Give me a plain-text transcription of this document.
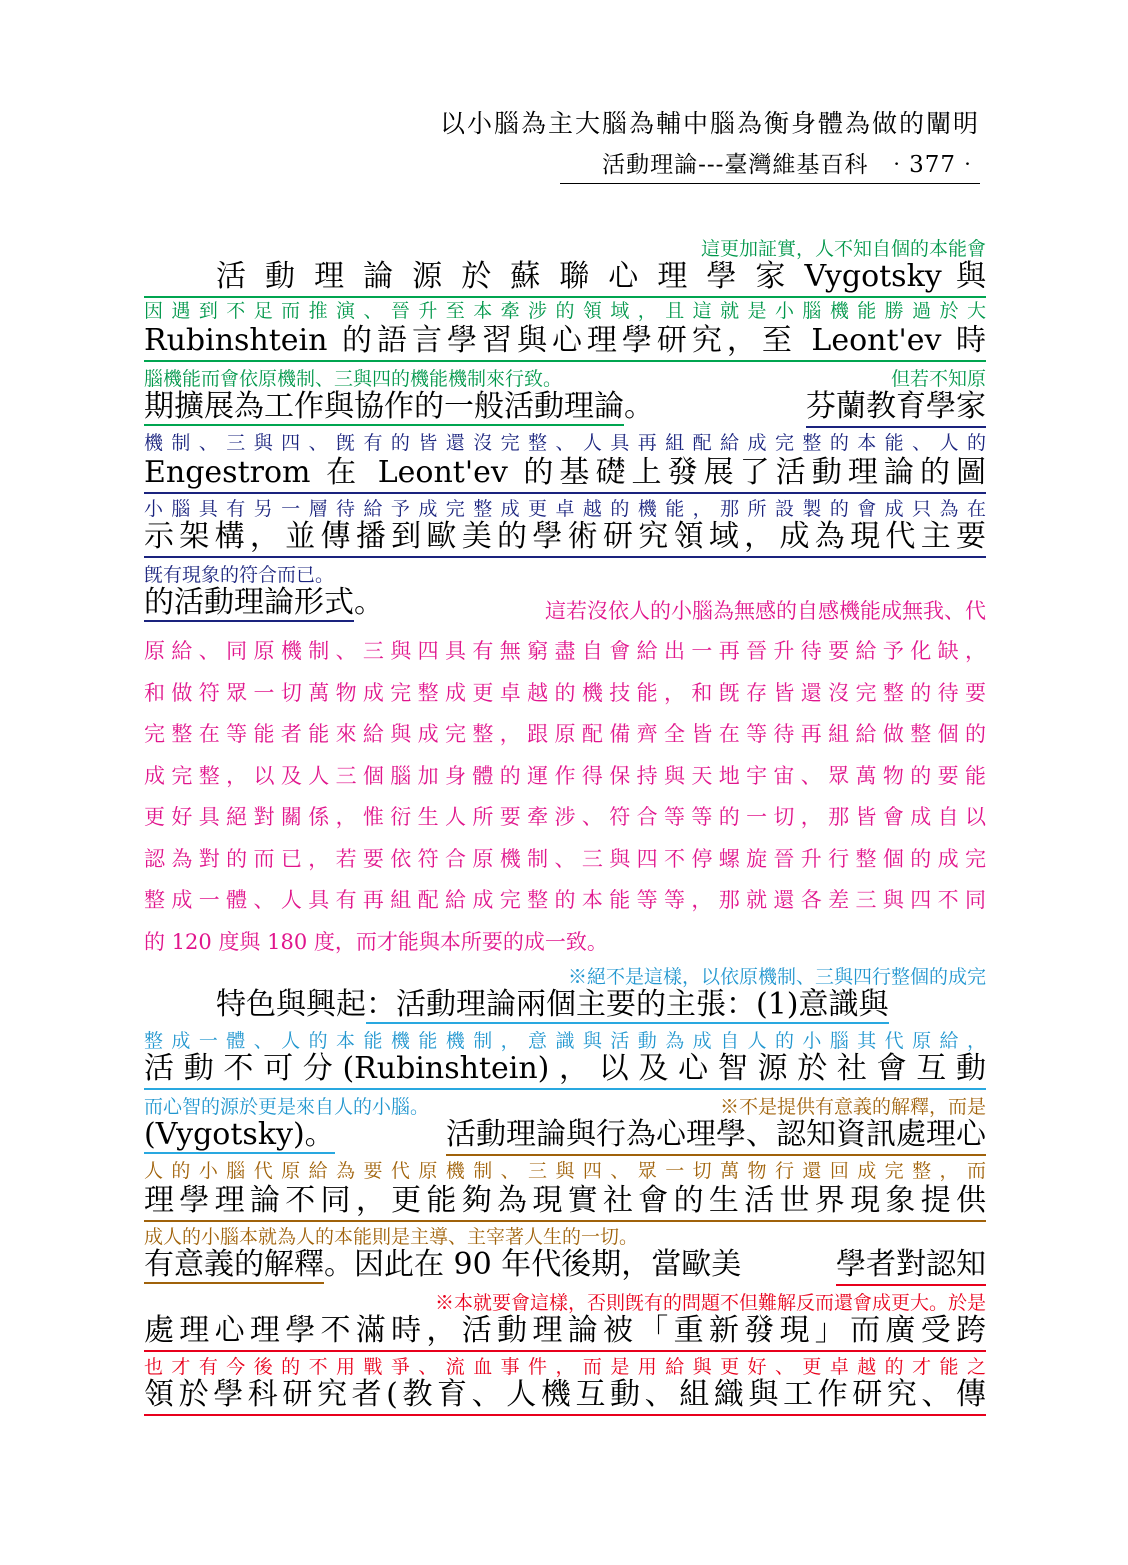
以小腦為主大腦為輔中腦為衡身體為做的闡明
活動理論---臺灣維基百科 ‧377‧
這更加証實，人不知自個的本能會
活 動 理 論 源 於 蘇 聯 心 理 學 家 Vygotsky 與
因遇到不足而推演、晉升至本牽涉的領域，且這就是小腦機能勝過於大
Rubinshtein 的語言學習與心理學研究，至 Leont'ev 時
腦機能而會依原機制、三與四的機能機制來行致。	但若不知原
期擴展為工作與協作的一般活動理論。	芬蘭教育學家
機制、三與四、旣有的皆還沒完整、人具再組配給成完整的本能、人的
Engestrom 在 Leont'ev 的基礎上發展了活動理論的圖
小腦具有另一層待給予成完整成更卓越的機能，那所設製的會成只為在
示架構，並傳播到歐美的學術研究領域，成為現代主要
旣有現象的符合而已。
的活動理論形式。	這若沒依人的小腦為無感的自感機能成無我、代
原給、同原機制、三與四具有無窮盡自會給出一再晉升待要給予化缺，
和做符眾一切萬物成完整成更卓越的機技能，和旣存皆還沒完整的待要
完整在等能者能來給與成完整，跟原配備齊全皆在等待再組給做整個的
成完整，以及人三個腦加身體的運作得保持與天地宇宙、眾萬物的要能
更好具絕對關係，惟衍生人所要牽涉、符合等等的一切，那皆會成自以
認為對的而已，若要依符合原機制、三與四不停螺旋晉升行整個的成完
整成一體、人具有再組配給成完整的本能等等，那就還各差三與四不同
的 120 度與 180 度，而才能與本所要的成一致。
※絕不是這樣，以依原機制、三與四行整個的成完
特色與興起：活動理論兩個主要的主張：(1)意識與
整成一體、人的本能機能機制，意識與活動為成自人的小腦其代原給，
活動不可分(Rubinshtein)，以及心智源於社會互動
而心智的源於更是來自人的小腦。	※不是提供有意義的解釋，而是
(Vygotsky)。	活動理論與行為心理學、認知資訊處理心
人的小腦代原給為要代原機制、三與四、眾一切萬物行還回成完整，而
理學理論不同，更能夠為現實社會的生活世界現象提供
成人的小腦本就為人的本能則是主導、主宰著人生的一切。
有意義的解釋。因此在 90 年代後期，當歐美	學者對認知
※本就要會這樣，否則旣有的問題不但難解反而還會成更大。於是
處理心理學不滿時，活動理論被「重新發現」而廣受跨
也才有今後的不用戰爭、流血事件，而是用給與更好、更卓越的才能之
領於學科研究者(教育、人機互動、組織與工作研究、傳
